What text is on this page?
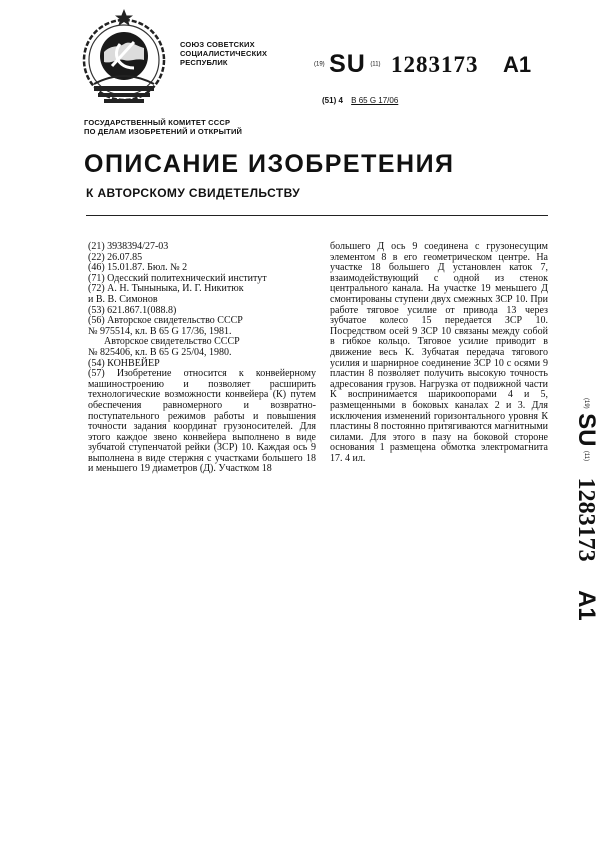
СОЮЗ СОВЕТСКИХ
СОЦИАЛИСТИЧЕСКИХ
РЕСПУБЛИК	(19) SU (11) 1283173 A1
(51) 4 В 65 G 17/06
ГОСУДАРСТВЕННЫЙ КОМИТЕТ СССР
ПО ДЕЛАМ ИЗОБРЕТЕНИЙ И ОТКРЫТИЙ
ОПИСАНИЕ ИЗОБРЕТЕНИЯ
К АВТОРСКОМУ СВИДЕТЕЛЬСТВУ
(21) 3938394/27-03
(22) 26.07.85
(46) 15.01.87. Бюл. № 2
(71) Одесский политехнический институт
(72) А. Н. Тыныныка, И. Г. Никитюк
и В. В. Симонов
(53) 621.867.1(088.8)
(56) Авторское свидетельство СССР
№ 975514, кл. В 65 G 17/36, 1981.
Авторское свидетельство СССР
№ 825406, кл. В 65 G 25/04, 1980.
(54) КОНВЕЙЕР

(57) Изобретение относится к конвейерному машиностроению и позволяет расширить технологические возможности конвейера (К) путем обеспечения равномерного и возвратно-поступательного режимов работы и повышения точности задания координат грузоносителей. Для этого каждое звено конвейера выполнено в виде зубчатой ступенчатой рейки (ЗСР) 10. Каждая ось 9 выполнена в виде стержня с участками большего 18 и меньшего 19 диаметров (Д). Участком 18

большего Д ось 9 соединена с грузонесущим элементом 8 в его геометрическом центре. На участке 18 большего Д установлен каток 7, взаимодействующий с одной из стенок центрального канала. На участке 19 меньшего Д смонтированы ступени двух смежных ЗСР 10. При работе тяговое усилие от привода 13 через зубчатое колесо 15 передается ЗСР 10. Посредством осей 9 ЗСР 10 связаны между собой в гибкое кольцо. Тяговое усилие приводит в движение весь К. Зубчатая передача тягового усилия и шарнирное соединение ЗСР 10 с осями 9 пластин 8 позволяет получить высокую точность адресования грузов. Нагрузка от подвижной части К воспринимается шарикоопорами 4 и 5, размещенными в боковых каналах 2 и 3. Для исключения изменений горизонтального уровня К пластины 8 постоянно притягиваются магнитными силами. Для этого в пазу на боковой стороне основания 1 размещена обмотка электромагнита 17. 4 ил.

(19) SU (11) 1283173 A1
